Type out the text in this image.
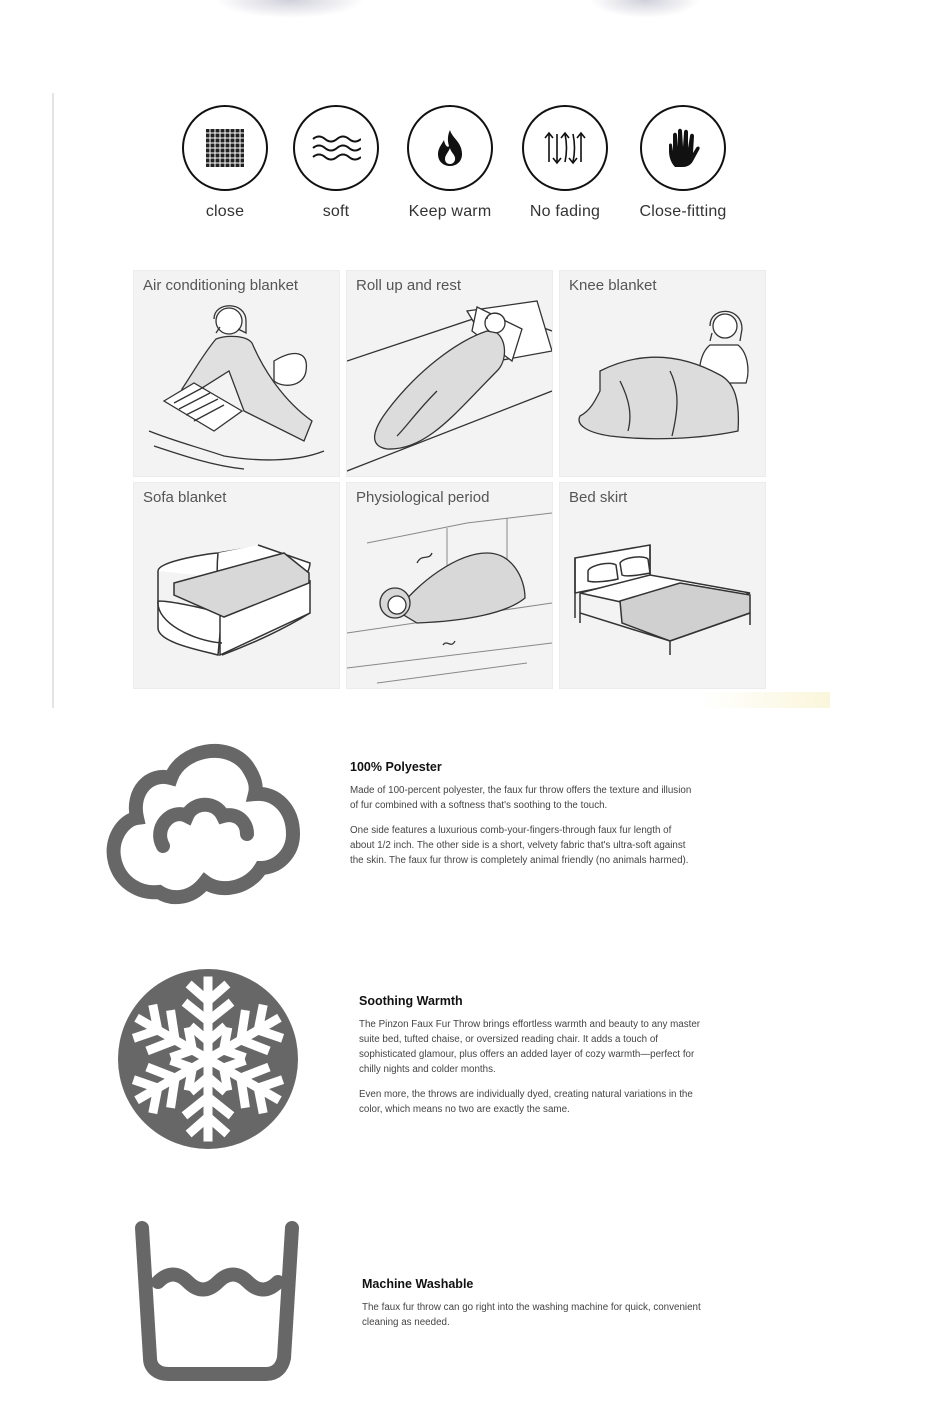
close	soft	Keep warm	No fading	Close-fitting
Air conditioning blanket	Roll up and rest	Knee blanket
Sofa blanket	Physiological period	Bed skirt
100% Polyester

Made of 100-percent polyester, the faux fur throw offers the texture and illusion of fur combined with a softness that's soothing to the touch.

One side features a luxurious comb-your-fingers-through faux fur length of about 1/2 inch. The other side is a short, velvety fabric that's ultra-soft against the skin. The faux fur throw is completely animal friendly (no animals harmed).

Soothing Warmth

The Pinzon Faux Fur Throw brings effortless warmth and beauty to any master suite bed, tufted chaise, or oversized reading chair. It adds a touch of sophisticated glamour, plus offers an added layer of cozy warmth—perfect for chilly nights and colder months.

Even more, the throws are individually dyed, creating natural variations in the color, which means no two are exactly the same.

Machine Washable

The faux fur throw can go right into the washing machine for quick, convenient cleaning as needed.
